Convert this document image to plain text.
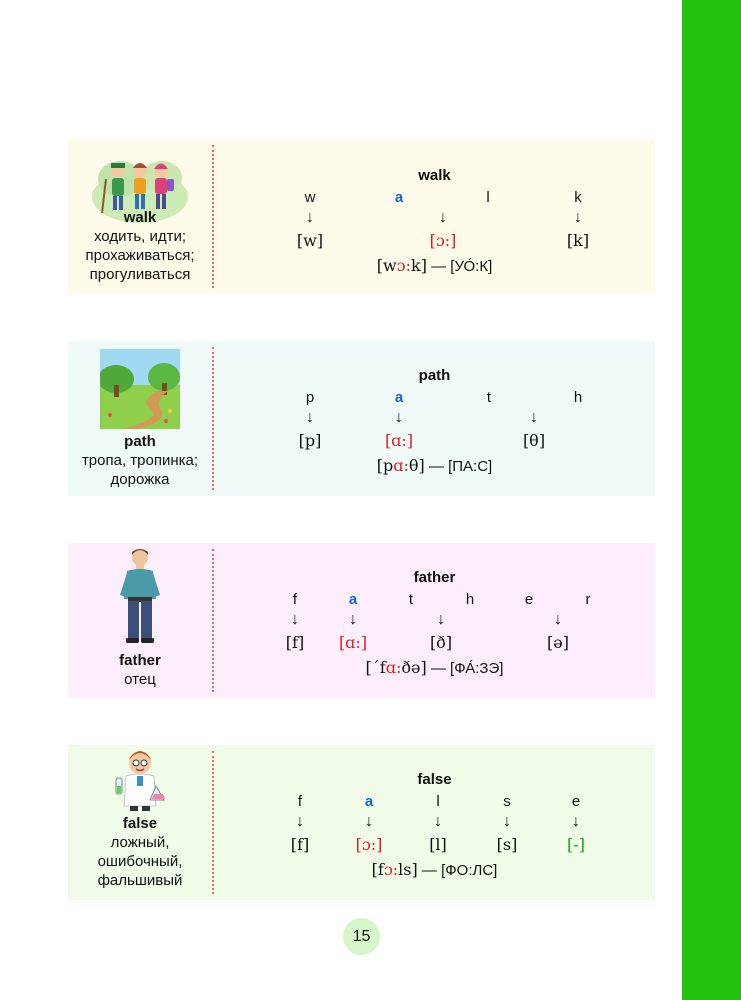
walk
ходить, идти;
прохаживаться;
прогуливаться
walk
w	a	l	k
↓	↓	↓
[w]	[ɔ:]	[k]
[wɔ:k] — [УО́:К]
path
тропа, тропинка;
дорожка
path
p	a	t	h
↓	↓	↓
[p]	[ɑ:]	[θ]
[pɑ:θ] — [ПА:С]
father
отец
father
f	a	t	h	e	r
↓	↓	↓	↓
[f]	[ɑ:]	[ð]	[ə]
[´fɑ:ðə] — [ФА́:ЗЭ]
false
ложный,
ошибочный,
фальшивый
false
f	a	l	s	e
↓	↓	↓	↓	↓
[f]	[ɔ:]	[l]	[s]	[-]
[fɔ:ls] — [ФО:ЛС]
15
